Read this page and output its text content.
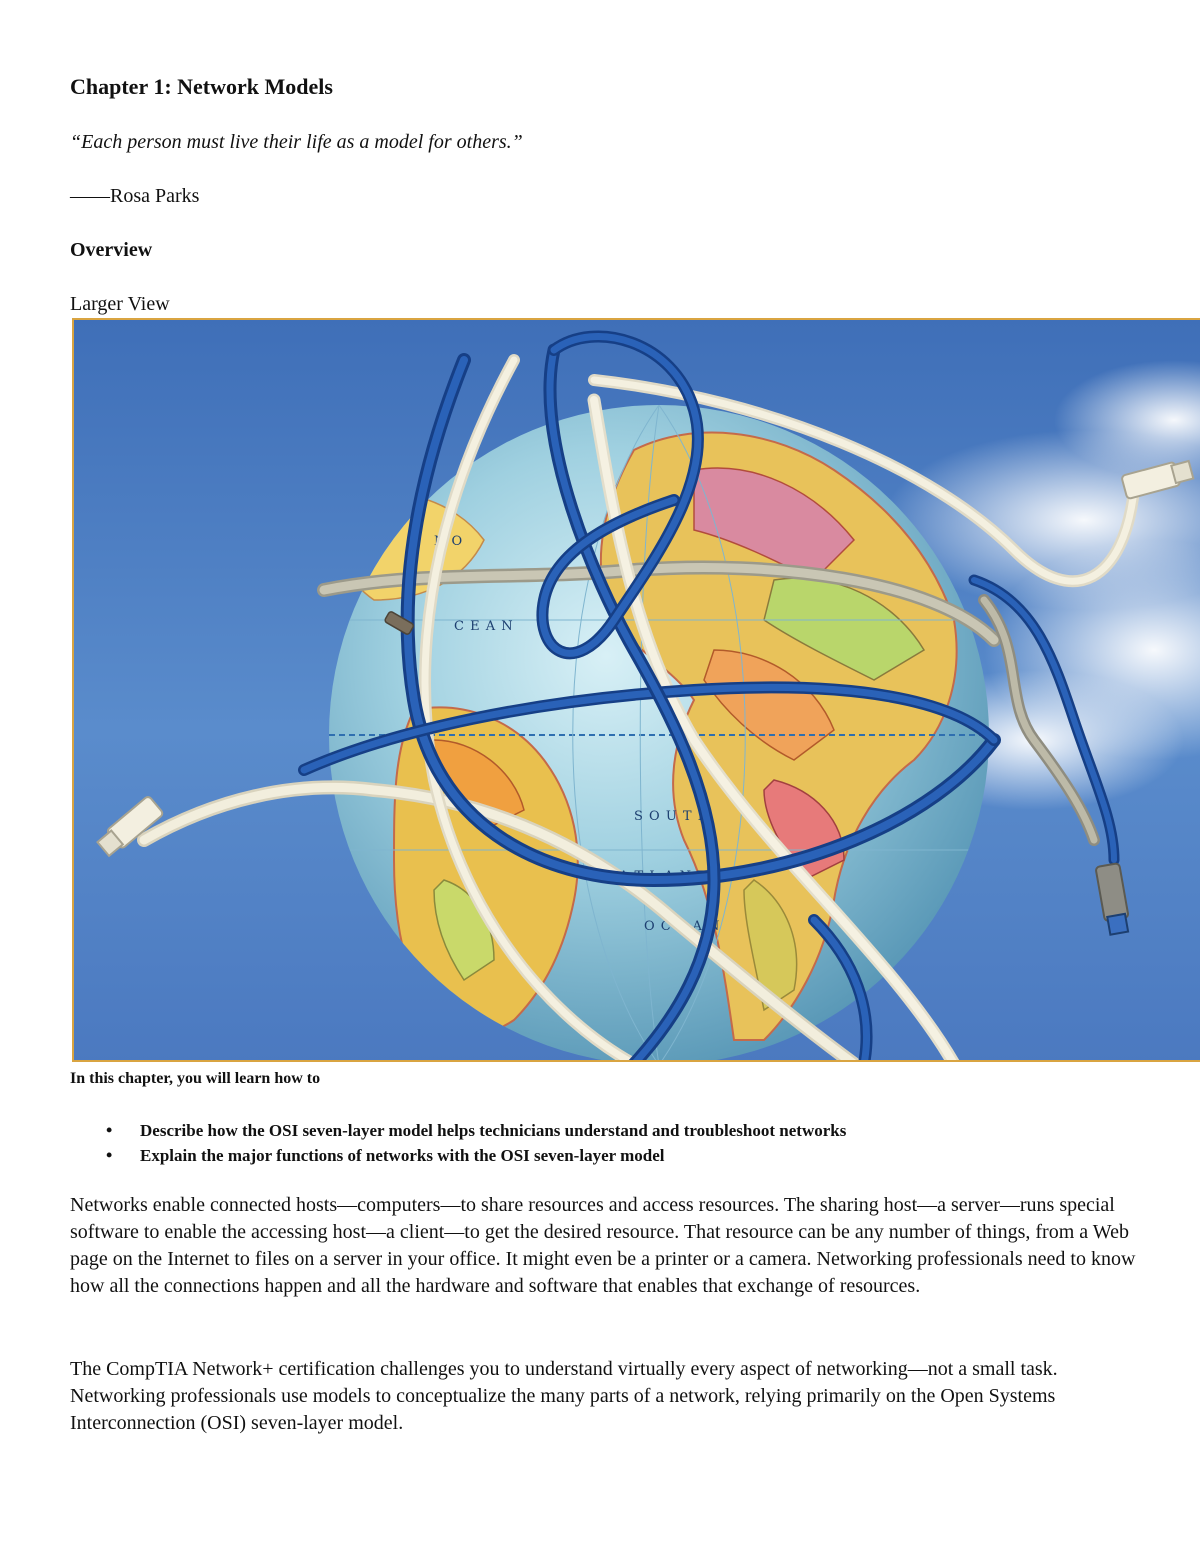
Chapter 1: Network Models

“Each person must live their life as a model for others.”

——Rosa Parks

Overview

Larger View

N O
C E A N
S O U T H
A T L A N T I C
O C E A N

In this chapter, you will learn how to

• Describe how the OSI seven-layer model helps technicians understand and troubleshoot networks
• Explain the major functions of networks with the OSI seven-layer model

Networks enable connected hosts—computers—to share resources and access resources. The sharing host—a server—runs special software to enable the accessing host—a client—to get the desired resource. That resource can be any number of things, from a Web page on the Internet to files on a server in your office. It might even be a printer or a camera. Networking professionals need to know how all the connections happen and all the hardware and software that enables that exchange of resources.

The CompTIA Network+ certification challenges you to understand virtually every aspect of networking—not a small task. Networking professionals use models to conceptualize the many parts of a network, relying primarily on the Open Systems Interconnection (OSI) seven-layer model.
